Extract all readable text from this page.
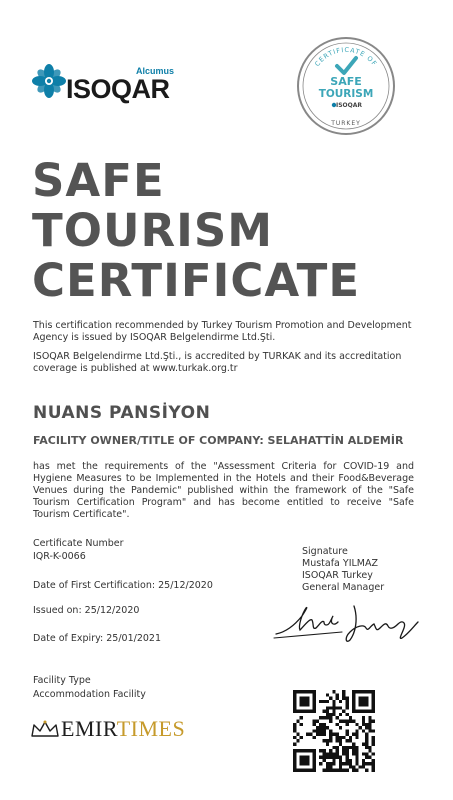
Alcumus
ISOQAR
CERTIFICATE OF
SAFE
TOURISM
ISOQAR
TURKEY
SAFE
TOURISM
CERTIFICATE
This certification recommended by Turkey Tourism Promotion and Development Agency is issued by ISOQAR Belgelendirme Ltd.Şti.
ISOQAR Belgelendirme Ltd.Şti., is accredited by TURKAK and its accreditation coverage is published at www.turkak.org.tr
NUANS PANSİYON
FACILITY OWNER/TITLE OF COMPANY: SELAHATTİN ALDEMİR
has met the requirements of the "Assessment Criteria for COVID-19 and Hygiene Measures to be Implemented in the Hotels and their Food&Beverage Venues during the Pandemic" published within the framework of the "Safe Tourism Certification Program" and has become entitled to receive "Safe Tourism Certificate".
Certificate Number
IQR-K-0066
Date of First Certification: 25/12/2020
Issued on: 25/12/2020
Date of Expiry: 25/01/2021
Signature
Mustafa YILMAZ
ISOQAR Turkey
General Manager
Facility Type
Accommodation Facility
EMIRTIMES
